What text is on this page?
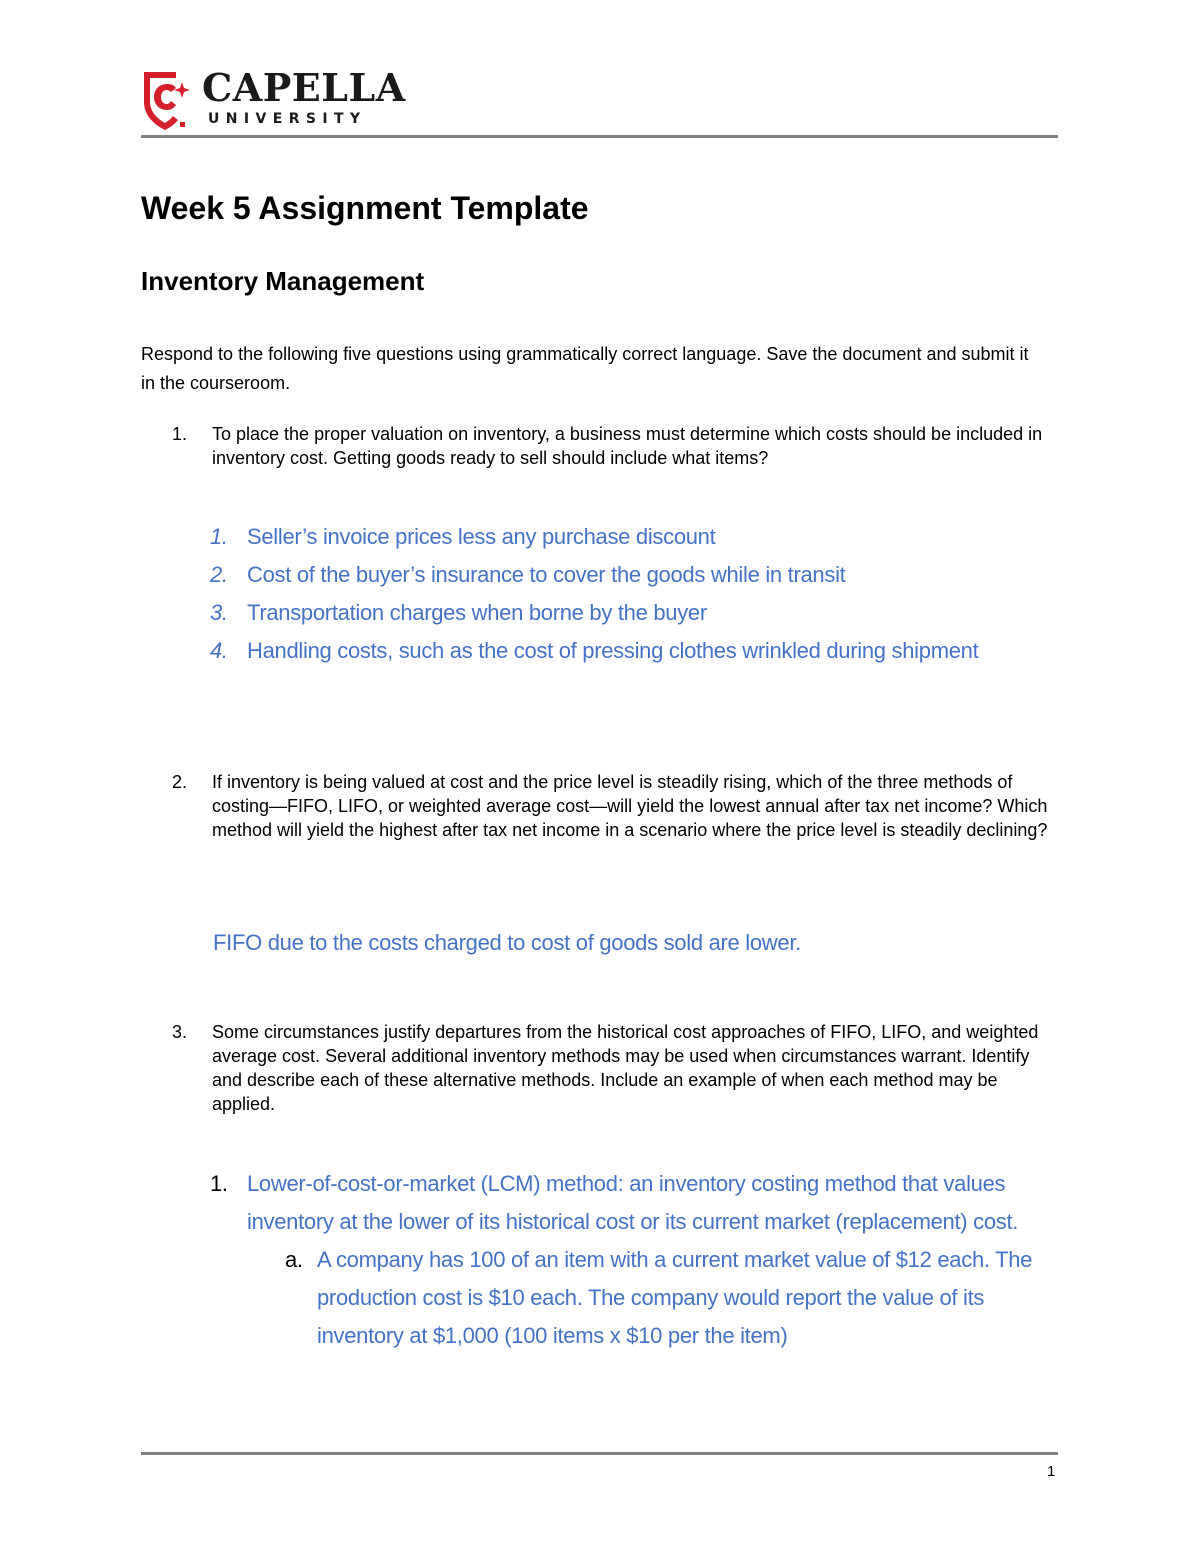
CAPELLA
UNIVERSITY
Week 5 Assignment Template
Inventory Management
Respond to the following five questions using grammatically correct language. Save the document and submit it in the courseroom.
1. To place the proper valuation on inventory, a business must determine which costs should be included in inventory cost. Getting goods ready to sell should include what items?
1. Seller’s invoice prices less any purchase discount
2. Cost of the buyer’s insurance to cover the goods while in transit
3. Transportation charges when borne by the buyer
4. Handling costs, such as the cost of pressing clothes wrinkled during shipment
2. If inventory is being valued at cost and the price level is steadily rising, which of the three methods of costing—FIFO, LIFO, or weighted average cost—will yield the lowest annual after tax net income? Which method will yield the highest after tax net income in a scenario where the price level is steadily declining?
FIFO due to the costs charged to cost of goods sold are lower.
3. Some circumstances justify departures from the historical cost approaches of FIFO, LIFO, and weighted average cost. Several additional inventory methods may be used when circumstances warrant. Identify and describe each of these alternative methods. Include an example of when each method may be applied.
1. Lower-of-cost-or-market (LCM) method: an inventory costing method that values inventory at the lower of its historical cost or its current market (replacement) cost.
a. A company has 100 of an item with a current market value of $12 each. The production cost is $10 each. The company would report the value of its inventory at $1,000 (100 items x $10 per the item)
1
